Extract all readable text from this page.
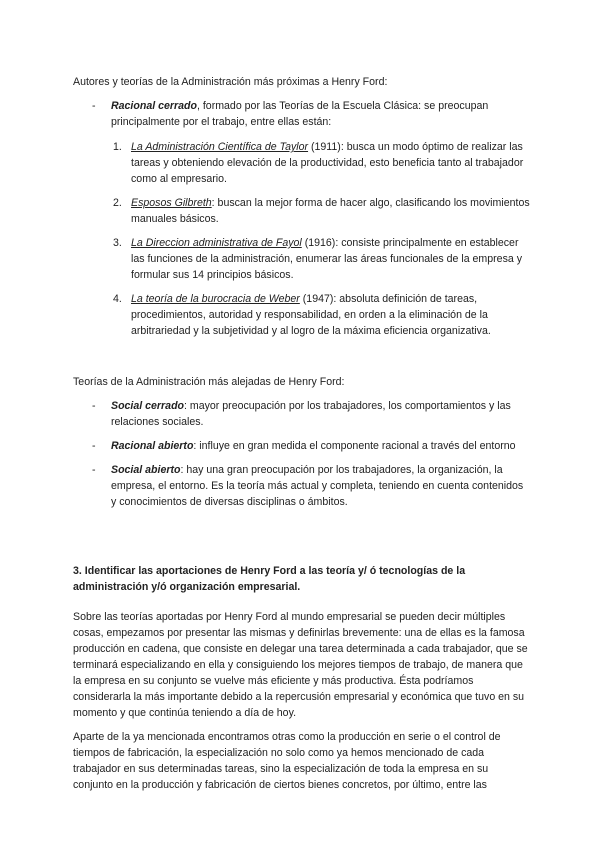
Autores y teorías de la Administración más próximas a Henry Ford:

- Racional cerrado, formado por las Teorías de la Escuela Clásica: se preocupan principalmente por el trabajo, entre ellas están:
1. La Administración Científica de Taylor (1911): busca un modo óptimo de realizar las tareas y obteniendo elevación de la productividad, esto beneficia tanto al trabajador como al empresario.
2. Esposos Gilbreth: buscan la mejor forma de hacer algo, clasificando los movimientos manuales básicos.
3. La Direccion administrativa de Fayol (1916): consiste principalmente en establecer las funciones de la administración, enumerar las áreas funcionales de la empresa y formular sus 14 principios básicos.
4. La teoría de la burocracia de Weber (1947): absoluta definición de tareas, procedimientos, autoridad y responsabilidad, en orden a la eliminación de la arbitrariedad y la subjetividad y al logro de la máxima eficiencia organizativa.

Teorías de la Administración más alejadas de Henry Ford:

- Social cerrado: mayor preocupación por los trabajadores, los comportamientos y las relaciones sociales.
- Racional abierto: influye en gran medida el componente racional a través del entorno
- Social abierto: hay una gran preocupación por los trabajadores, la organización, la empresa, el entorno. Es la teoría más actual y completa, teniendo en cuenta contenidos y conocimientos de diversas disciplinas o ámbitos.

3. Identificar las aportaciones de Henry Ford a las teoría y/ ó tecnologías de la administración y/ó organización empresarial.

Sobre las teorías aportadas por Henry Ford al mundo empresarial se pueden decir múltiples cosas, empezamos por presentar las mismas y definirlas brevemente: una de ellas es la famosa producción en cadena, que consiste en delegar una tarea determinada a cada trabajador, que se terminará especializando en ella y consiguiendo los mejores tiempos de trabajo, de manera que la empresa en su conjunto se vuelve más eficiente y más productiva. Ésta podríamos considerarla la más importante debido a la repercusión empresarial y económica que tuvo en su momento y que continúa teniendo a día de hoy.

Aparte de la ya mencionada encontramos otras como la producción en serie o el control de tiempos de fabricación, la especialización no solo como ya hemos mencionado de cada trabajador en sus determinadas tareas, sino la especialización de toda la empresa en su conjunto en la producción y fabricación de ciertos bienes concretos, por último, entre las
